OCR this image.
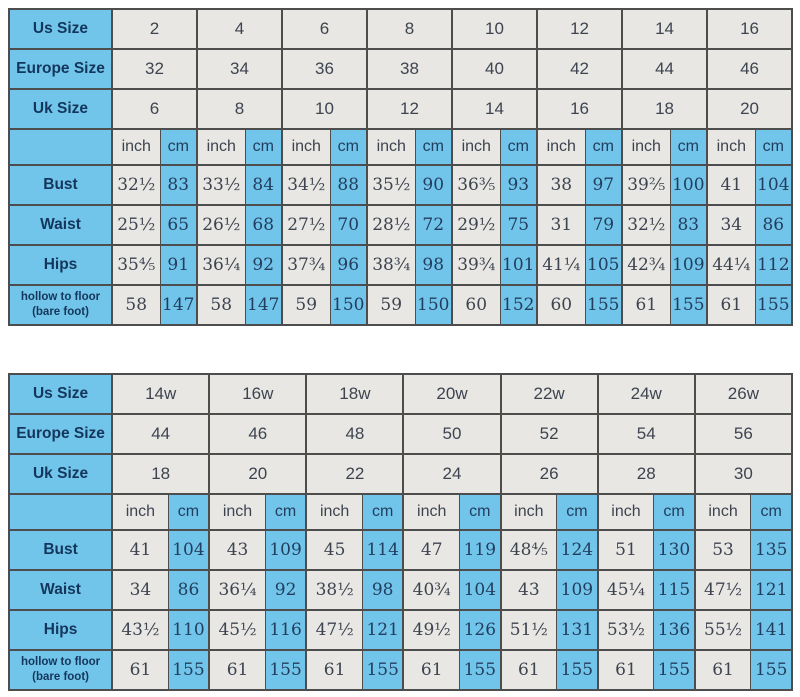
Us Size	2		4		6		8		10		12		14		16	
Europe Size	32		34		36		38		40		42		44		46	
Uk Size	6		8		10		12		14		16		18		20	
	inch	cm	inch	cm	inch	cm	inch	cm	inch	cm	inch	cm	inch	cm	inch	cm

Bust	32½	83	33½	84	34½	88	35½	90	36⅗	93	38	97	39⅖	100	41	104

Waist	25½	65	26½	68	27½	70	28½	72	29½	75	31	79	32½	83	34	86

Hips	35⅘	91	36¼	92	37¾	96	38¾	98	39¾	101	41¼	105	42¾	109	44¼	112

hollow to floor
(bare foot)	58	147	58	147	59	150	59	150	60	152	60	155	61	155	61	155
Us Size	14w		16w		18w		20w		22w		24w		26w	
Europe Size	44		46		48		50		52		54		56	
Uk Size	18		20		22		24		26		28		30	
	inch	cm	inch	cm	inch	cm	inch	cm	inch	cm	inch	cm	inch	cm

Bust	41	104	43	109	45	114	47	119	48⅘	124	51	130	53	135

Waist	34	86	36¼	92	38½	98	40¾	104	43	109	45¼	115	47½	121

Hips	43½	110	45½	116	47½	121	49½	126	51½	131	53½	136	55½	141

hollow to floor
(bare foot)	61	155	61	155	61	155	61	155	61	155	61	155	61	155
